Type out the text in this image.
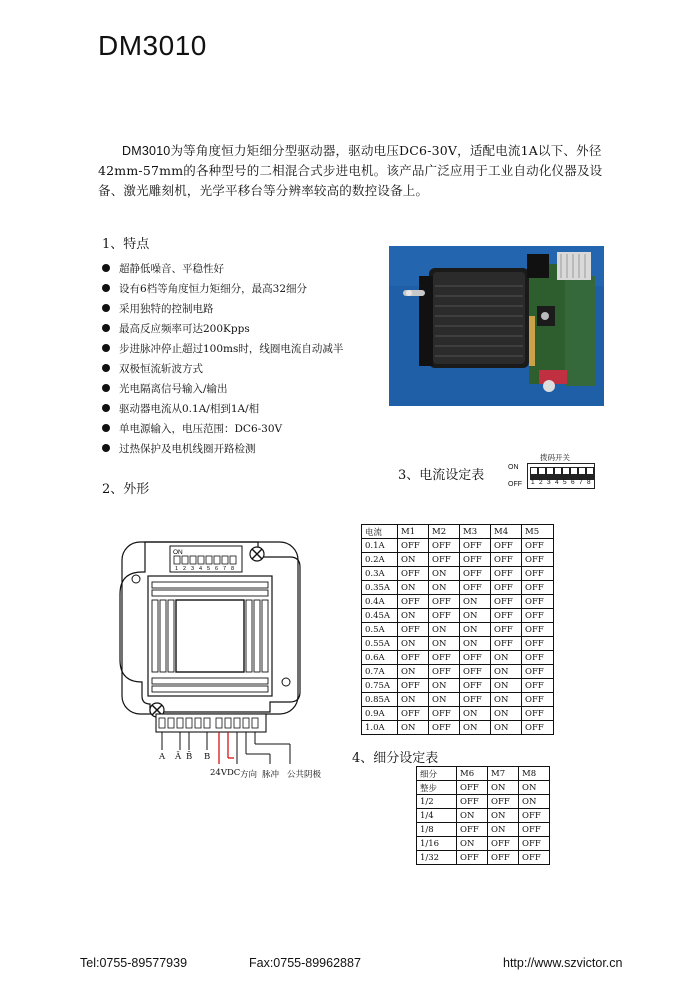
DM3010
DM3010为等角度恒力矩细分型驱动器，驱动电压DC6-30V，适配电流1A以下、外径42mm-57mm的各种型号的二相混合式步进电机。该产品广泛应用于工业自动化仪器及设备、激光雕刻机，光学平移台等分辨率较高的数控设备上。
1、特点
超静低噪音、平稳性好
设有6档等角度恒力矩细分，最高32细分
采用独特的控制电路
最高反应频率可达200Kpps
步进脉冲停止超过100ms时，线圈电流自动减半
双极恒流斩波方式
光电隔离信号输入/输出
驱动器电流从0.1A/相到1A/相
单电源输入，电压范围：DC6-30V
过热保护及电机线圈开路检测
2、外形
3、电流设定表
拨码开关
ON
OFF 1 2 3 4 5 6 7 8
ON
1 2 3 4 5 6 7 8
A Ā B̄ B
24VDC 方向 脉冲 公共阴极
电流	M1	M2	M3	M4	M5
0.1A	OFF	OFF	OFF	OFF	OFF
0.2A	ON	OFF	OFF	OFF	OFF
0.3A	OFF	ON	OFF	OFF	OFF
0.35A	ON	ON	OFF	OFF	OFF
0.4A	OFF	OFF	ON	OFF	OFF
0.45A	ON	OFF	ON	OFF	OFF
0.5A	OFF	ON	ON	OFF	OFF
0.55A	ON	ON	ON	OFF	OFF
0.6A	OFF	OFF	OFF	ON	OFF
0.7A	ON	OFF	OFF	ON	OFF
0.75A	OFF	ON	OFF	ON	OFF
0.85A	ON	ON	OFF	ON	OFF
0.9A	OFF	OFF	ON	ON	OFF
1.0A	ON	OFF	ON	ON	OFF
4、细分设定表
细分	M6	M7	M8
整步	OFF	ON	ON
1/2	OFF	OFF	ON
1/4	ON	ON	OFF
1/8	OFF	ON	OFF
1/16	ON	OFF	OFF
1/32	OFF	OFF	OFF
Tel:0755-89577939	Fax:0755-89962887	http://www.szvictor.cn
